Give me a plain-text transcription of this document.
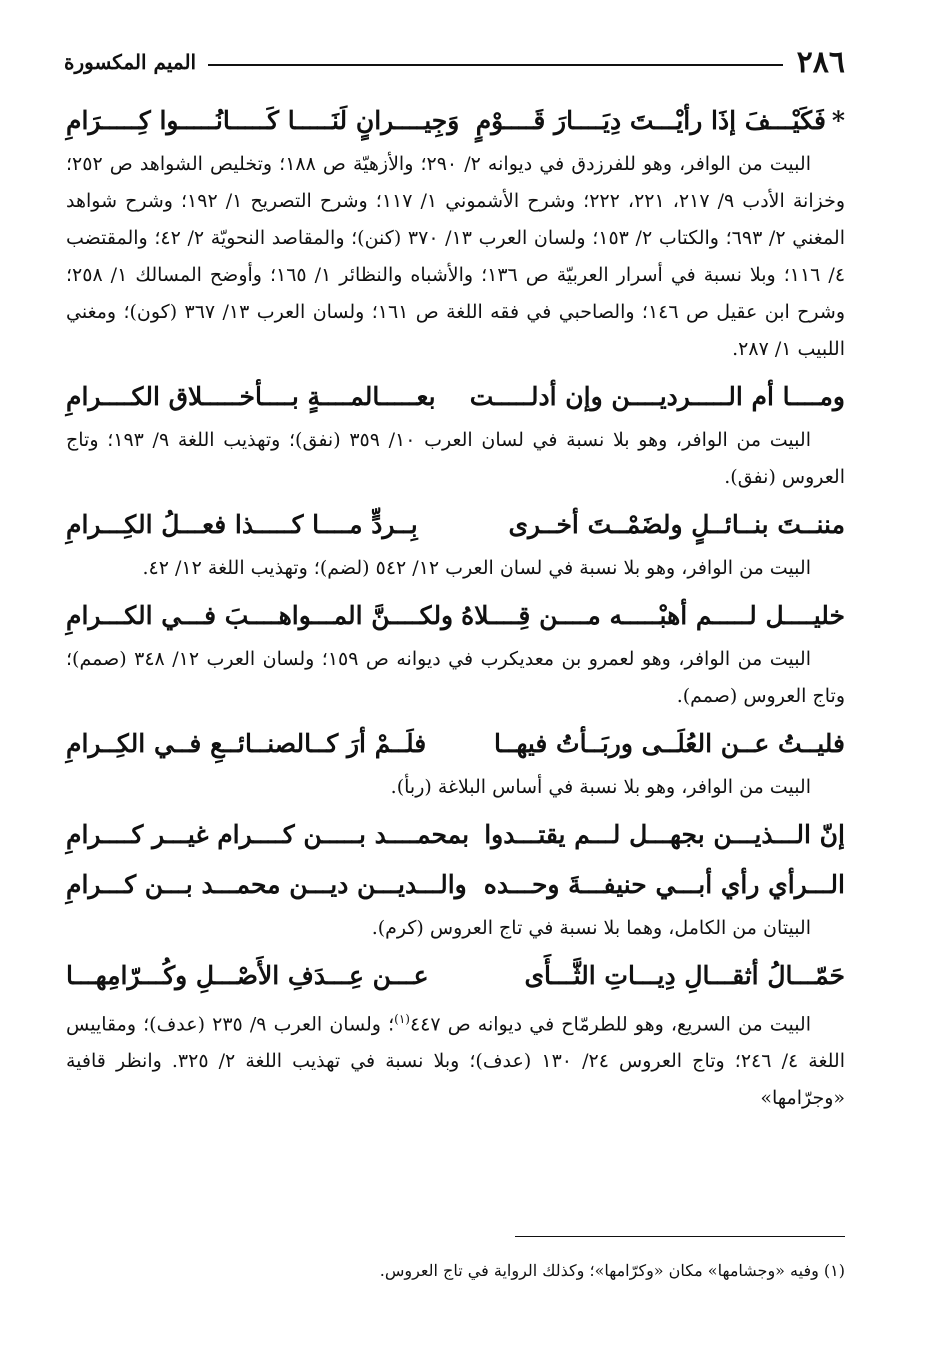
٢٨٦
الميم المكسورة
*فَكَيْـــفَ إذَا رأيْـــتَ دِيَــــارَ قَــــوْمٍ
وَجِيــــرانٍ لَنَـــــا كَـــــانُـــــوا كِـــــرَامِ

البيت من الوافر، وهو للفرزدق في ديوانه ٢/ ٢٩٠؛ والأزهيّة ص ١٨٨؛ وتخليص الشواهد ص ٢٥٢؛ وخزانة الأدب ٩/ ٢١٧، ٢٢١، ٢٢٢؛ وشرح الأشموني ١/ ١١٧؛ وشرح التصريح ١/ ١٩٢؛ وشرح شواهد المغني ٢/ ٦٩٣؛ والكتاب ٢/ ١٥٣؛ ولسان العرب ١٣/ ٣٧٠ (كنن)؛ والمقاصد النحويّة ٢/ ٤٢؛ والمقتضب ٤/ ١١٦؛ وبلا نسبة في أسرار العربيّة ص ١٣٦؛ والأشباه والنظائر ١/ ١٦٥؛ وأوضح المسالك ١/ ٢٥٨؛ وشرح ابن عقيل ص ١٤٦؛ والصاحبي في فقه اللغة ص ١٦١؛ ولسان العرب ١٣/ ٣٦٧ (كون)؛ ومغني اللبيب ١/ ٢٨٧.

ومــــا أم الـــــرديــــن وإن أدلـــــت
بعـــــالمــــةٍ بــــأخـــــلاق الكــــرامِ

البيت من الوافر، وهو بلا نسبة في لسان العرب ١٠/ ٣٥٩ (نفق)؛ وتهذيب اللغة ٩/ ١٩٣؛ وتاج العروس (نفق).

مننــتَ بنــائــلٍ ولضَمْــتَ أخــرى
بِــردٍّ مــــا كـــــذا فعـــلُ الكِـــرامِ

البيت من الوافر، وهو بلا نسبة في لسان العرب ١٢/ ٥٤٢ (لضم)؛ وتهذيب اللغة ١٢/ ٤٢.

خليــــل لـــــم أهبْـــــه مــــن قِــــلاهُ
ولكــــنَّ المـــواهــــبَ فـــي الكـــرامِ

البيت من الوافر، وهو لعمرو بن معديكرب في ديوانه ص ١٥٩؛ ولسان العرب ١٢/ ٣٤٨ (صمم)؛ وتاج العروس (صمم).

فليــتُ عــن العُلَــى وربَــأتُ فيهــا
فلَــمْ أرَ كــالصنــائــعِ فــي الكِــرامِ

البيت من الوافر، وهو بلا نسبة في أساس البلاغة (ربأ).

إنّ الـــذيـــن بجهـــل لـــم يقتـــدوا
بمحمــــد بـــــن كــــرام غيـــر كــــرامِ
الـــرأي رأي أبـــي حنيفـــةَ وحـــده
والـــديـــن ديـــن محمـــد بـــن كـــرامِ

البيتان من الكامل، وهما بلا نسبة في تاج العروس (كرم).

حَمّـــالُ أثقـــالِ دِيـــاتِ الثَّـــأَى
عـــن عِـــدَفِ الأَصْـــلِ وكُـــرّامِهـــا

البيت من السريع، وهو للطرمّاح في ديوانه ص ٤٤٧$^{(١)}$؛ ولسان العرب ٩/ ٢٣٥ (عدف)؛ ومقاييس اللغة ٤/ ٢٤٦؛ وتاج العروس ٢٤/ ١٣٠ (عدف)؛ وبلا نسبة في تهذيب اللغة ٢/ ٣٢٥. وانظر قافية «وجرّامها»

(١) وفيه «وجشامها» مكان «وكرّامها»؛ وكذلك الرواية في تاج العروس.
